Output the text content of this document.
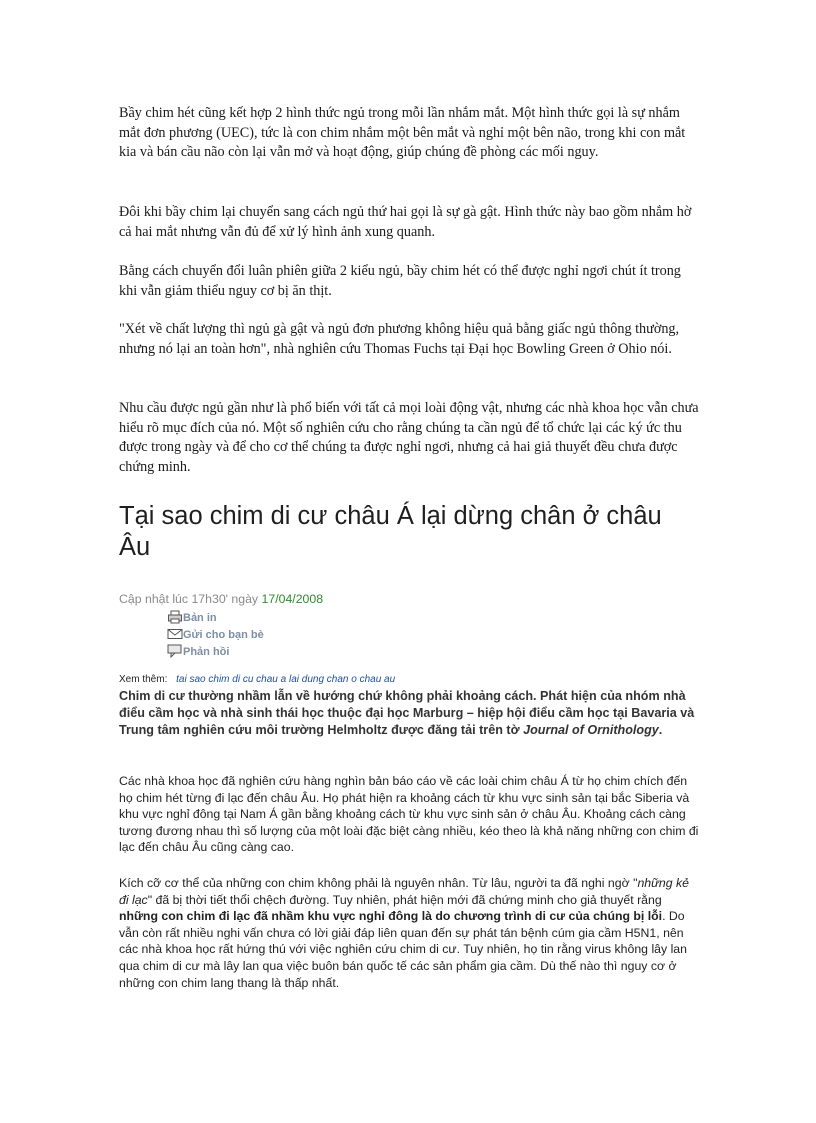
Bầy chim hét cũng kết hợp 2 hình thức ngủ trong mỗi lần nhắm mắt. Một hình thức gọi là sự nhắm mắt đơn phương (UEC), tức là con chim nhắm một bên mắt và nghỉ một bên não, trong khi con mắt kia và bán cầu não còn lại vẫn mở và hoạt động, giúp chúng đề phòng các mối nguy.

Đôi khi bầy chim lại chuyển sang cách ngủ thứ hai gọi là sự gà gật. Hình thức này bao gồm nhắm hờ cả hai mắt nhưng vẫn đủ để xử lý hình ảnh xung quanh.

Bằng cách chuyển đổi luân phiên giữa 2 kiểu ngủ, bầy chim hét có thể được nghỉ ngơi chút ít trong khi vẫn giảm thiểu nguy cơ bị ăn thịt.

"Xét về chất lượng thì ngủ gà gật và ngủ đơn phương không hiệu quả bằng giấc ngủ thông thường, nhưng nó lại an toàn hơn", nhà nghiên cứu Thomas Fuchs tại Đại học Bowling Green ở Ohio nói.

Nhu cầu được ngủ gần như là phổ biến với tất cả mọi loài động vật, nhưng các nhà khoa học vẫn chưa hiểu rõ mục đích của nó. Một số nghiên cứu cho rằng chúng ta cần ngủ để tổ chức lại các ký ức thu được trong ngày và để cho cơ thể chúng ta được nghỉ ngơi, nhưng cả hai giả thuyết đều chưa được chứng minh.

Tại sao chim di cư châu Á lại dừng chân ở châu Âu
Cập nhật lúc 17h30' ngày 17/04/2008
Bản in
Gửi cho bạn bè
Phản hồi
Xem thêm: tai sao chim di cu chau a lai dung chan o chau au

Chim di cư thường nhầm lẫn về hướng chứ không phải khoảng cách. Phát hiện của nhóm nhà điểu cầm học và nhà sinh thái học thuộc đại học Marburg – hiệp hội điểu cầm học tại Bavaria và Trung tâm nghiên cứu môi trường Helmholtz được đăng tải trên tờ Journal of Ornithology.

Các nhà khoa học đã nghiên cứu hàng nghìn bản báo cáo về các loài chim châu Á từ họ chim chích đến họ chim hét từng đi lạc đến châu Âu. Họ phát hiện ra khoảng cách từ khu vực sinh sản tại bắc Siberia và khu vực nghỉ đông tại Nam Á gần bằng khoảng cách từ khu vực sinh sản ở châu Âu. Khoảng cách càng tương đương nhau thì số lượng của một loài đặc biệt càng nhiều, kéo theo là khả năng những con chim đi lạc đến châu Âu cũng càng cao.

Kích cỡ cơ thể của những con chim không phải là nguyên nhân. Từ lâu, người ta đã nghi ngờ "những kẻ đi lạc" đã bị thời tiết thổi chệch đường. Tuy nhiên, phát hiện mới đã chứng minh cho giả thuyết rằng những con chim đi lạc đã nhầm khu vực nghỉ đông là do chương trình di cư của chúng bị lỗi. Do vẫn còn rất nhiều nghi vấn chưa có lời giải đáp liên quan đến sự phát tán bệnh cúm gia cầm H5N1, nên các nhà khoa học rất hứng thú với việc nghiên cứu chim di cư. Tuy nhiên, họ tin rằng virus không lây lan qua chim di cư mà lây lan qua việc buôn bán quốc tế các sản phẩm gia cầm. Dù thế nào thì nguy cơ ở những con chim lang thang là thấp nhất.
